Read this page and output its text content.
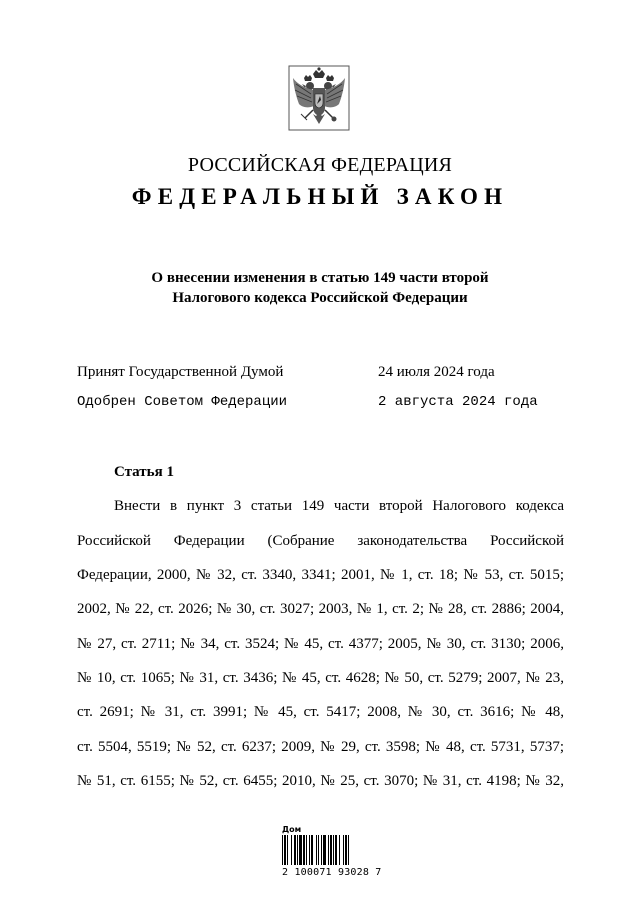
РОССИЙСКАЯ ФЕДЕРАЦИЯ
ФЕДЕРАЛЬНЫЙ ЗАКОН
О внесении изменения в статью 149 части второй
Налогового кодекса Российской Федерации
Принят Государственной Думой	24 июля 2024 года
Одобрен Советом Федерации	2 августа 2024 года
Статья 1
Внести в пункт 3 статьи 149 части второй Налогового кодекса
Российской Федерации (Собрание законодательства Российской
Федерации, 2000, № 32, ст. 3340, 3341; 2001, № 1, ст. 18; № 53, ст. 5015;
2002, № 22, ст. 2026; № 30, ст. 3027; 2003, № 1, ст. 2; № 28, ст. 2886; 2004,
№ 27, ст. 2711; № 34, ст. 3524; № 45, ст. 4377; 2005, № 30, ст. 3130; 2006,
№ 10, ст. 1065; № 31, ст. 3436; № 45, ст. 4628; № 50, ст. 5279; 2007, № 23,
ст. 2691; № 31, ст. 3991; № 45, ст. 5417; 2008, № 30, ст. 3616; № 48,
ст. 5504, 5519; № 52, ст. 6237; 2009, № 29, ст. 3598; № 48, ст. 5731, 5737;
№ 51, ст. 6155; № 52, ст. 6455; 2010, № 25, ст. 3070; № 31, ст. 4198; № 32,
Дом
2 100071 93028 7
